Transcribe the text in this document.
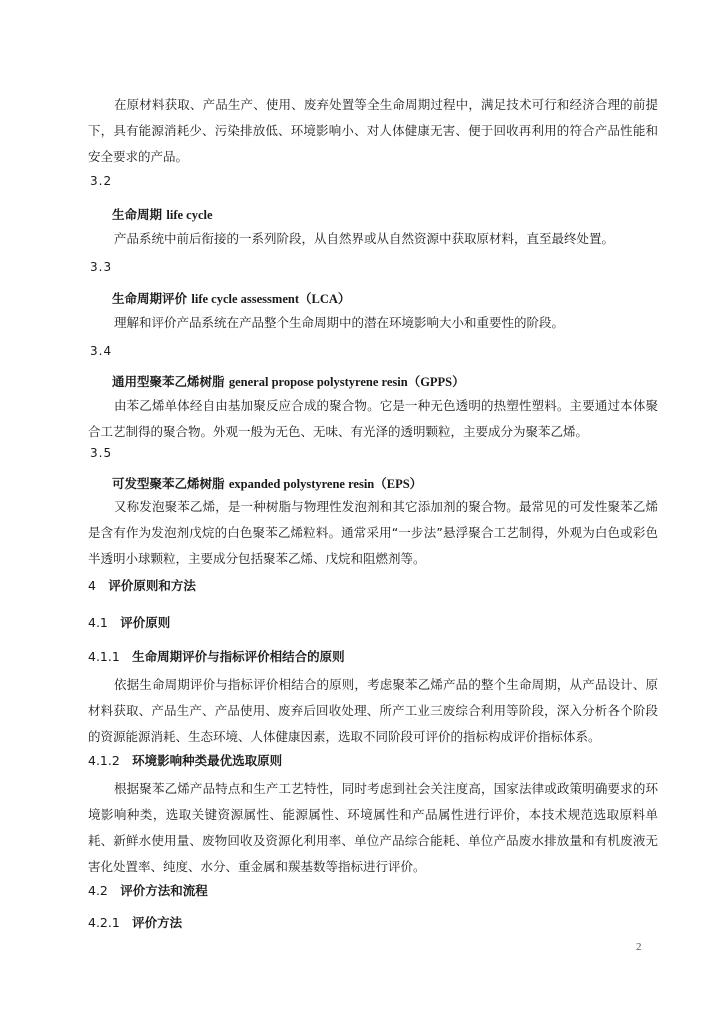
在原材料获取、产品生产、使用、废弃处置等全生命周期过程中，满足技术可行和经济合理的前提下，具有能源消耗少、污染排放低、环境影响小、对人体健康无害、便于回收再利用的符合产品性能和安全要求的产品。

3.2

生命周期 life cycle

产品系统中前后衔接的一系列阶段，从自然界或从自然资源中获取原材料，直至最终处置。

3.3

生命周期评价 life cycle assessment（LCA）

理解和评价产品系统在产品整个生命周期中的潜在环境影响大小和重要性的阶段。

3.4

通用型聚苯乙烯树脂 general propose polystyrene resin（GPPS）

由苯乙烯单体经自由基加聚反应合成的聚合物。它是一种无色透明的热塑性塑料。主要通过本体聚合工艺制得的聚合物。外观一般为无色、无味、有光泽的透明颗粒，主要成分为聚苯乙烯。

3.5

可发型聚苯乙烯树脂 expanded polystyrene resin（EPS）

又称发泡聚苯乙烯，是一种树脂与物理性发泡剂和其它添加剂的聚合物。最常见的可发性聚苯乙烯是含有作为发泡剂戊烷的白色聚苯乙烯粒料。通常采用“一步法”悬浮聚合工艺制得，外观为白色或彩色半透明小球颗粒，主要成分包括聚苯乙烯、戊烷和阻燃剂等。

4 评价原则和方法

4.1 评价原则

4.1.1 生命周期评价与指标评价相结合的原则

依据生命周期评价与指标评价相结合的原则，考虑聚苯乙烯产品的整个生命周期，从产品设计、原材料获取、产品生产、产品使用、废弃后回收处理、所产工业三废综合利用等阶段，深入分析各个阶段的资源能源消耗、生态环境、人体健康因素，选取不同阶段可评价的指标构成评价指标体系。

4.1.2 环境影响种类最优选取原则

根据聚苯乙烯产品特点和生产工艺特性，同时考虑到社会关注度高，国家法律或政策明确要求的环境影响种类，选取关键资源属性、能源属性、环境属性和产品属性进行评价，本技术规范选取原料单耗、新鲜水使用量、废物回收及资源化利用率、单位产品综合能耗、单位产品废水排放量和有机废液无害化处置率、纯度、水分、重金属和羰基数等指标进行评价。

4.2 评价方法和流程

4.2.1 评价方法

2
